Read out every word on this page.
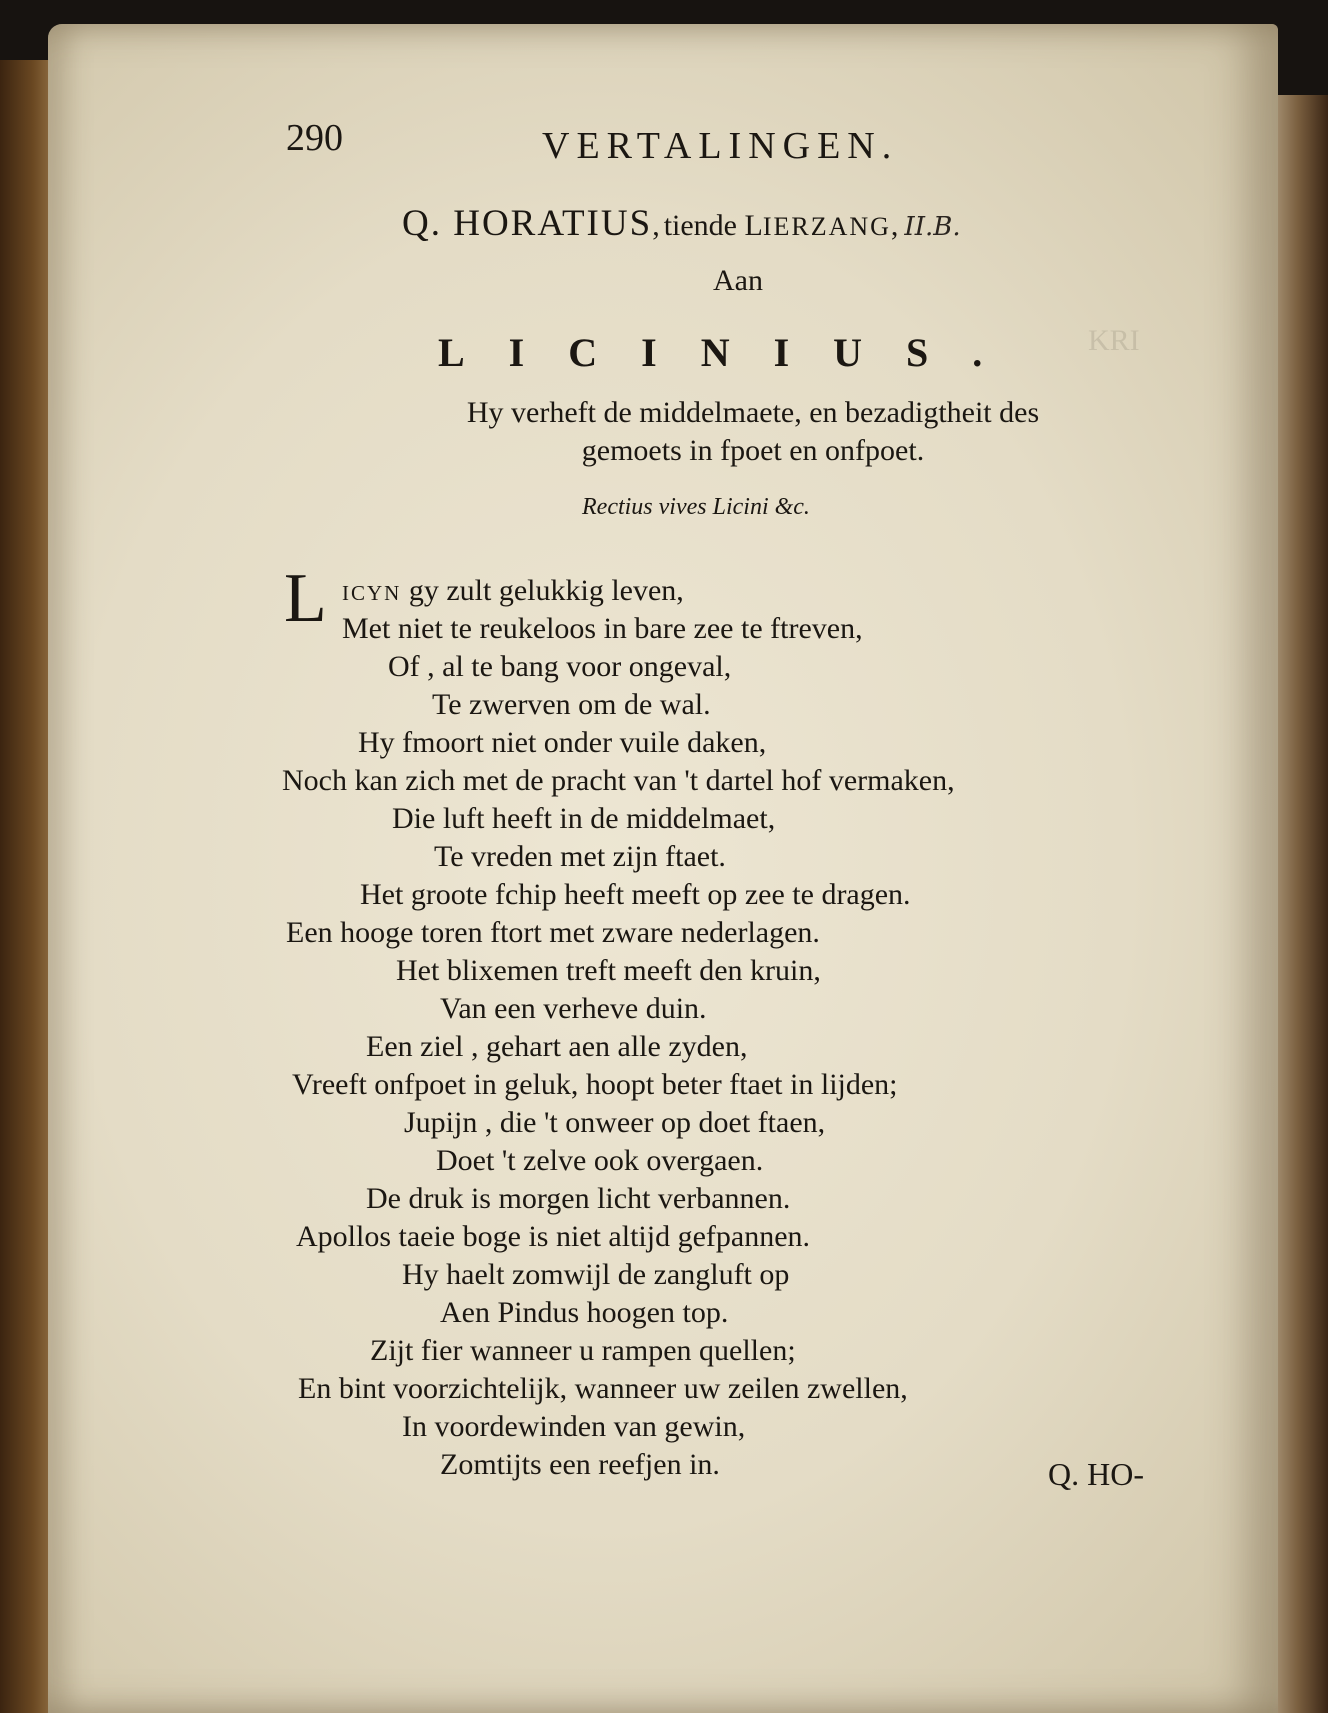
KRI
290	VERTALINGEN.
Q. HORATIUS, tiende LIERZANG, II.B.
Aan
LICINIUS.
Hy verheft de middelmaete, en bezadigtheit des
gemoets in fpoet en onfpoet.
Rectius vives Licini &c.
L ICYN gy zult gelukkig leven,
Met niet te reukeloos in bare zee te ftreven,
Of , al te bang voor ongeval,
Te zwerven om de wal.
Hy fmoort niet onder vuile daken,
Noch kan zich met de pracht van 't dartel hof vermaken,
Die luft heeft in de middelmaet,
Te vreden met zijn ftaet.
Het groote fchip heeft meeft op zee te dragen.
Een hooge toren ftort met zware nederlagen.
Het blixemen treft meeft den kruin,
Van een verheve duin.
Een ziel , gehart aen alle zyden,
Vreeft onfpoet in geluk, hoopt beter ftaet in lijden;
Jupijn , die 't onweer op doet ftaen,
Doet 't zelve ook overgaen.
De druk is morgen licht verbannen.
Apollos taeie boge is niet altijd gefpannen.
Hy haelt zomwijl de zangluft op
Aen Pindus hoogen top.
Zijt fier wanneer u rampen quellen;
En bint voorzichtelijk, wanneer uw zeilen zwellen,
In voordewinden van gewin,
Zomtijts een reefjen in.	Q. HO-
